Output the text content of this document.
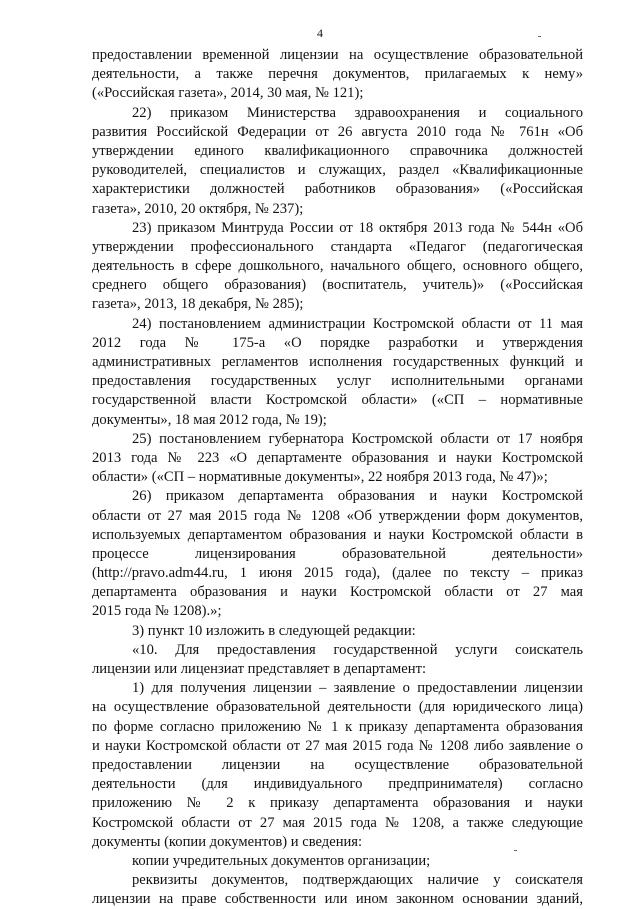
4
предоставлении временной лицензии на осуществление образовательной
деятельности, а также перечня документов, прилагаемых к нему»
(«Российская газета», 2014, 30 мая, № 121);
22) приказом Министерства здравоохранения и социального
развития Российской Федерации от 26 августа 2010 года № 761н «Об
утверждении единого квалификационного справочника должностей
руководителей, специалистов и служащих, раздел «Квалификационные
характеристики должностей работников образования» («Российская
газета», 2010, 20 октября, № 237);
23) приказом Минтруда России от 18 октября 2013 года № 544н «Об
утверждении профессионального стандарта «Педагог (педагогическая
деятельность в сфере дошкольного, начального общего, основного общего,
среднего общего образования) (воспитатель, учитель)» («Российская
газета», 2013, 18 декабря, № 285);
24) постановлением администрации Костромской области от 11 мая
2012 года № 175-а «О порядке разработки и утверждения
административных регламентов исполнения государственных функций и
предоставления государственных услуг исполнительными органами
государственной власти Костромской области» («СП – нормативные
документы», 18 мая 2012 года, № 19);
25) постановлением губернатора Костромской области от 17 ноября
2013 года № 223 «О департаменте образования и науки Костромской
области» («СП – нормативные документы», 22 ноября 2013 года, № 47)»;
26) приказом департамента образования и науки Костромской
области от 27 мая 2015 года № 1208 «Об утверждении форм документов,
используемых департаментом образования и науки Костромской области в
процессе лицензирования образовательной деятельности»
(http://pravo.adm44.ru, 1 июня 2015 года), (далее по тексту – приказ
департамента образования и науки Костромской области от 27 мая
2015 года № 1208).»;
3) пункт 10 изложить в следующей редакции:
«10. Для предоставления государственной услуги соискатель
лицензии или лицензиат представляет в департамент:
1) для получения лицензии – заявление о предоставлении лицензии
на осуществление образовательной деятельности (для юридического лица)
по форме согласно приложению № 1 к приказу департамента образования
и науки Костромской области от 27 мая 2015 года № 1208 либо заявление о
предоставлении лицензии на осуществление образовательной
деятельности (для индивидуального предпринимателя) согласно
приложению № 2 к приказу департамента образования и науки
Костромской области от 27 мая 2015 года № 1208, а также следующие
документы (копии документов) и сведения:
копии учредительных документов организации;
реквизиты документов, подтверждающих наличие у соискателя
лицензии на праве собственности или ином законном основании зданий,
